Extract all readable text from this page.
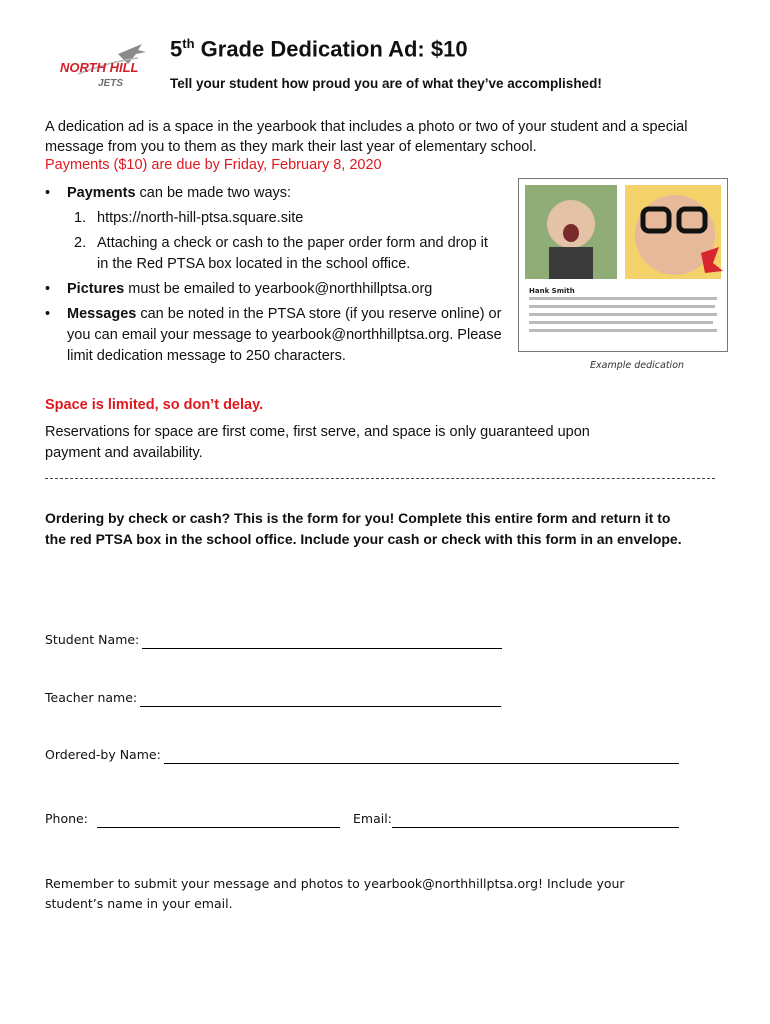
NORTH HILL
JETS
5th Grade Dedication Ad: $10
Tell your student how proud you are of what they’ve accomplished!
A dedication ad is a space in the yearbook that includes a photo or two of your student and a special message from you to them as they mark their last year of elementary school.
Payments ($10) are due by Friday, February 8, 2020
• Payments can be made two ways:
1. https://north-hill-ptsa.square.site
2. Attaching a check or cash to the paper order form and drop it in the Red PTSA box located in the school office.
• Pictures must be emailed to yearbook@northhillptsa.org
• Messages can be noted in the PTSA store (if you reserve online) or you can email your message to yearbook@northhillptsa.org. Please limit dedication message to 250 characters.
Hank Smith
Example dedication
Space is limited, so don’t delay.
Reservations for space are first come, first serve, and space is only guaranteed upon payment and availability.
Ordering by check or cash? This is the form for you! Complete this entire form and return it to the red PTSA box in the school office. Include your cash or check with this form in an envelope.
Student Name:
Teacher name:
Ordered-by Name:
Phone:	Email:
Remember to submit your message and photos to yearbook@northhillptsa.org! Include your student’s name in your email.
